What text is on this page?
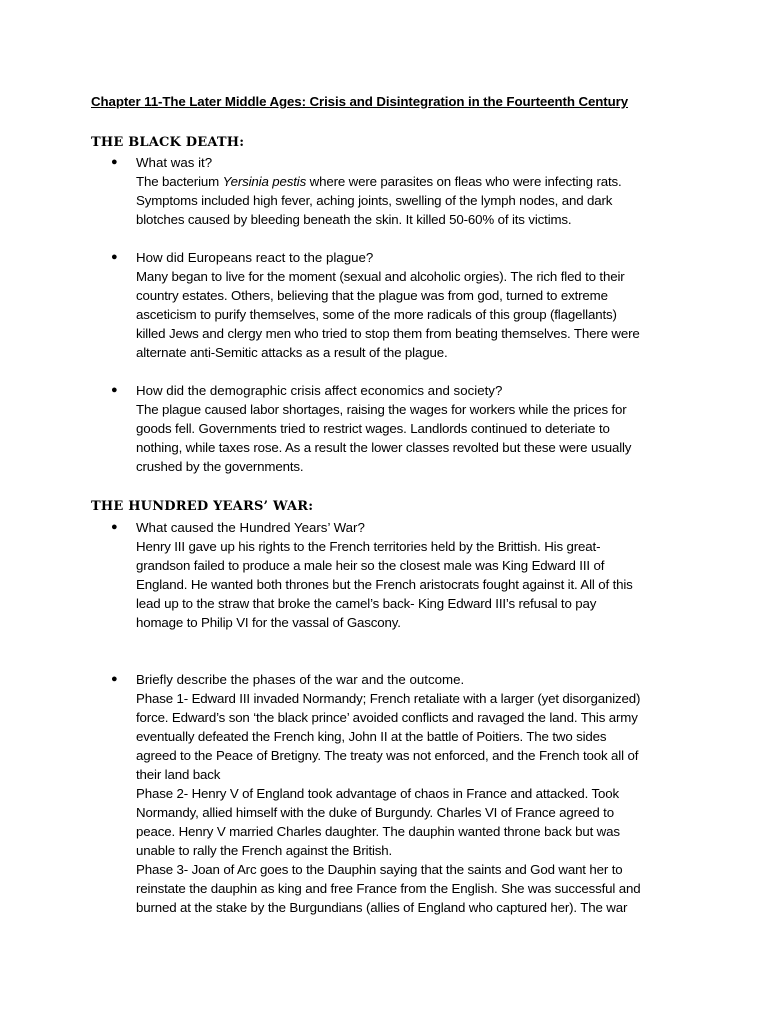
Chapter 11-The Later Middle Ages: Crisis and Disintegration in the Fourteenth Century
THE BLACK DEATH:
● What was it?
The bacterium Yersinia pestis where were parasites on fleas who were infecting rats.
Symptoms included high fever, aching joints, swelling of the lymph nodes, and dark
blotches caused by bleeding beneath the skin. It killed 50-60% of its victims.
● How did Europeans react to the plague?
Many began to live for the moment (sexual and alcoholic orgies). The rich fled to their
country estates. Others, believing that the plague was from god, turned to extreme
asceticism to purify themselves, some of the more radicals of this group (flagellants)
killed Jews and clergy men who tried to stop them from beating themselves. There were
alternate anti-Semitic attacks as a result of the plague.
● How did the demographic crisis affect economics and society?
The plague caused labor shortages, raising the wages for workers while the prices for
goods fell. Governments tried to restrict wages. Landlords continued to deteriate to
nothing, while taxes rose. As a result the lower classes revolted but these were usually
crushed by the governments.
THE HUNDRED YEARS’ WAR:
● What caused the Hundred Years’ War?
Henry III gave up his rights to the French territories held by the Brittish. His great-
grandson failed to produce a male heir so the closest male was King Edward III of
England. He wanted both thrones but the French aristocrats fought against it. All of this
lead up to the straw that broke the camel’s back- King Edward III’s refusal to pay
homage to Philip VI for the vassal of Gascony.
● Briefly describe the phases of the war and the outcome.
Phase 1- Edward III invaded Normandy; French retaliate with a larger (yet disorganized)
force. Edward’s son ‘the black prince’ avoided conflicts and ravaged the land. This army
eventually defeated the French king, John II at the battle of Poitiers. The two sides
agreed to the Peace of Bretigny. The treaty was not enforced, and the French took all of
their land back
Phase 2- Henry V of England took advantage of chaos in France and attacked. Took
Normandy, allied himself with the duke of Burgundy. Charles VI of France agreed to
peace. Henry V married Charles daughter. The dauphin wanted throne back but was
unable to rally the French against the British.
Phase 3- Joan of Arc goes to the Dauphin saying that the saints and God want her to
reinstate the dauphin as king and free France from the English. She was successful and
burned at the stake by the Burgundians (allies of England who captured her). The war
